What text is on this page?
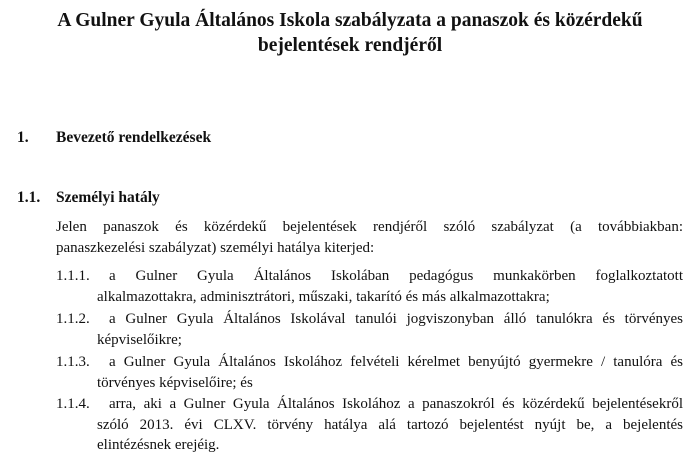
A Gulner Gyula Általános Iskola szabályzata a panaszok és közérdekű
bejelentések rendjéről
1. Bevezető rendelkezések
1.1. Személyi hatály
Jelen panaszok és közérdekű bejelentések rendjéről szóló szabályzat (a továbbiakban:
panaszkezelési szabályzat) személyi hatálya kiterjed:
1.1.1. a Gulner Gyula Általános Iskolában pedagógus munkakörben foglalkoztatott
alkalmazottakra, adminisztrátori, műszaki, takarító és más alkalmazottakra;
1.1.2. a Gulner Gyula Általános Iskolával tanulói jogviszonyban álló tanulókra és törvényes
képviselőikre;
1.1.3. a Gulner Gyula Általános Iskolához felvételi kérelmet benyújtó gyermekre / tanulóra és
törvényes képviselőire; és
1.1.4. arra, aki a Gulner Gyula Általános Iskolához a panaszokról és közérdekű bejelentésekről
szóló 2013. évi CLXV. törvény hatálya alá tartozó bejelentést nyújt be, a bejelentés
elintézésnek erejéig.
